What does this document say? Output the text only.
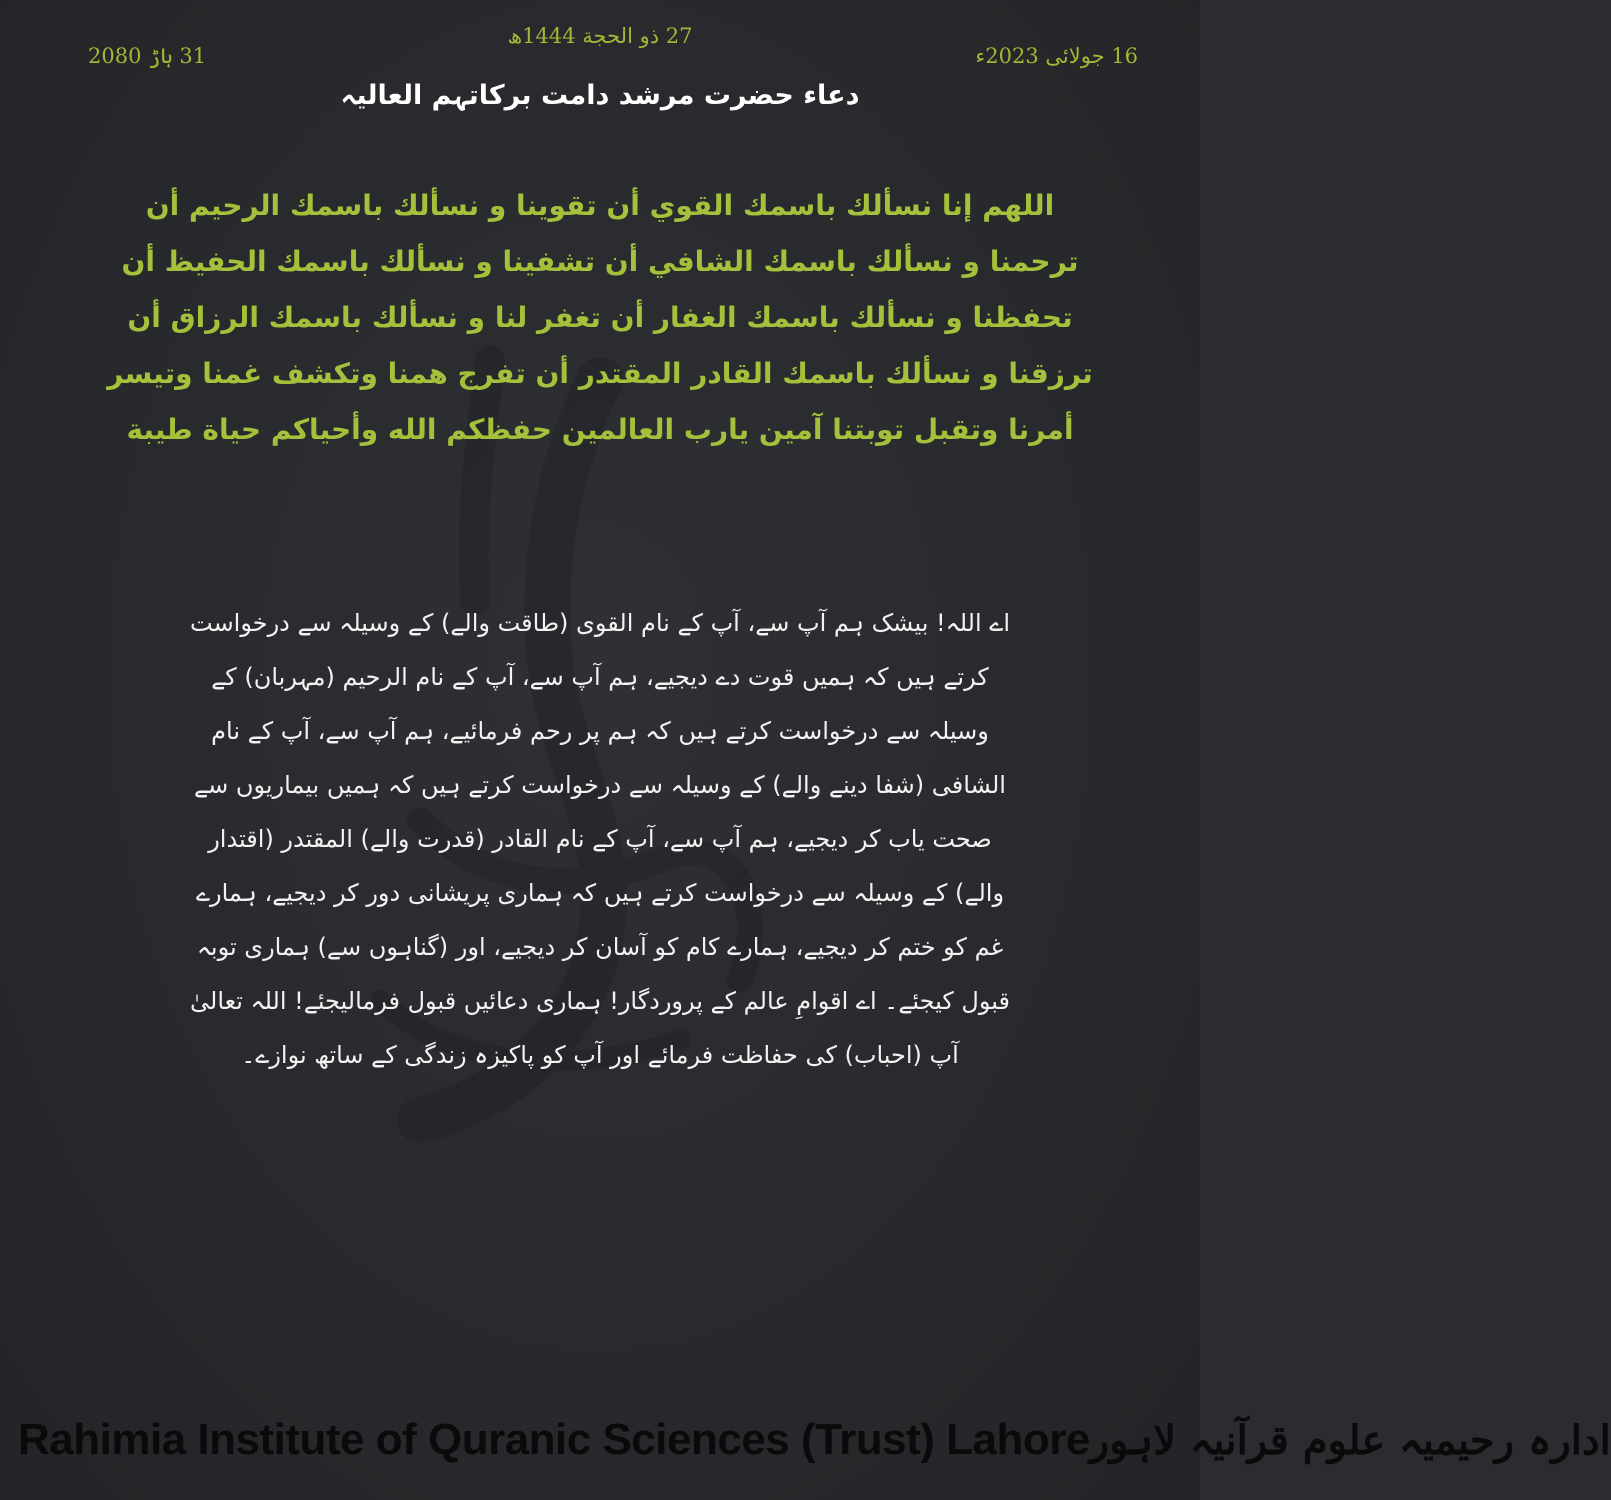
16 جولائی 2023ء
27 ذو الحجة 1444ھ
31 ہاڑ 2080
دعاء حضرت مرشد دامت برکاتہم العالیہ
اللهم إنا نسألك باسمك القوي أن تقوينا و نسألك باسمك الرحيم أن ترحمنا و نسألك باسمك الشافي أن تشفينا و نسألك باسمك الحفيظ أن تحفظنا و نسألك باسمك الغفار أن تغفر لنا و نسألك باسمك الرزاق أن ترزقنا و نسألك باسمك القادر المقتدر أن تفرج همنا وتكشف غمنا وتيسر أمرنا وتقبل توبتنا آمين يارب العالمين حفظكم الله وأحياكم حياة طيبة
اے اللہ! بیشک ہم آپ سے، آپ کے نام القوی (طاقت والے) کے وسیلہ سے درخواست کرتے ہیں کہ ہمیں قوت دے دیجیے، ہم آپ سے، آپ کے نام الرحیم (مہربان) کے وسیلہ سے درخواست کرتے ہیں کہ ہم پر رحم فرمائیے، ہم آپ سے، آپ کے نام الشافی (شفا دینے والے) کے وسیلہ سے درخواست کرتے ہیں کہ ہمیں بیماریوں سے صحت یاب کر دیجیے، ہم آپ سے، آپ کے نام القادر (قدرت والے) المقتدر (اقتدار والے) کے وسیلہ سے درخواست کرتے ہیں کہ ہماری پریشانی دور کر دیجیے، ہمارے غم کو ختم کر دیجیے، ہمارے کام کو آسان کر دیجیے، اور (گناہوں سے) ہماری توبہ قبول کیجئے۔ اے اقوامِ عالم کے پروردگار! ہماری دعائیں قبول فرمالیجئے! اللہ تعالیٰ آپ (احباب) کی حفاظت فرمائے اور آپ کو پاکیزہ زندگی کے ساتھ نوازے۔
Rahimia Institute of Quranic Sciences (Trust) Lahore ادارہ رحیمیہ علوم قرآنیہ لاہور
